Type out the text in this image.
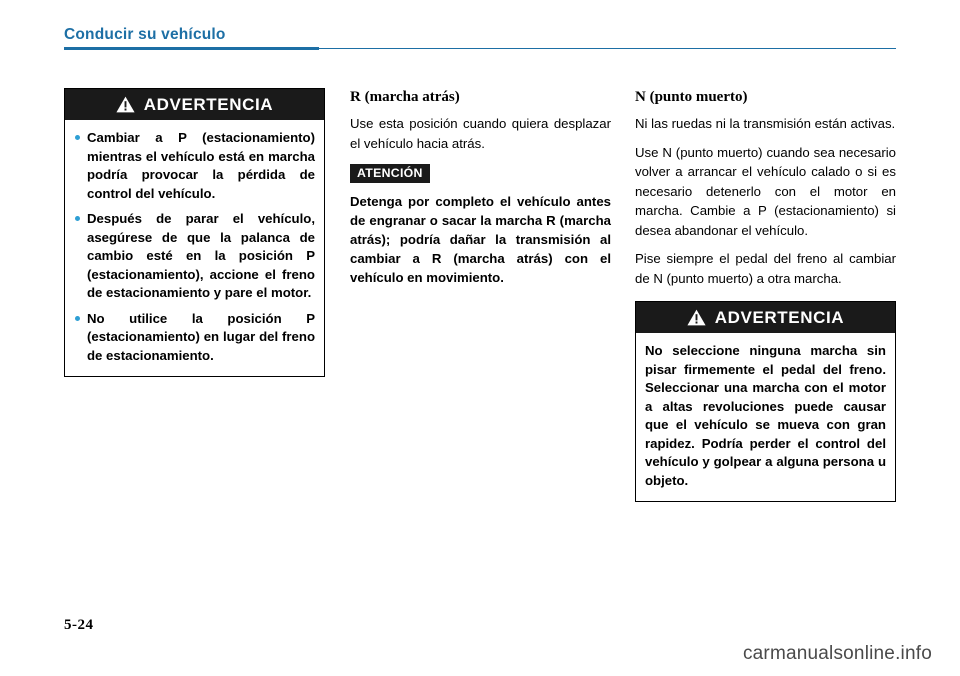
Conducir su vehículo
ADVERTENCIA
Cambiar a P (estacionamiento) mientras el vehículo está en marcha podría provocar la pérdida de control del vehículo.
Después de parar el vehículo, asegúrese de que la palanca de cambio esté en la posición P (estacionamiento), accione el freno de estacionamiento y pare el motor.
No utilice la posición P (estacionamiento) en lugar del freno de estacionamiento.
R (marcha atrás)

Use esta posición cuando quiera desplazar el vehículo hacia atrás.

ATENCIÓN

Detenga por completo el vehículo antes de engranar o sacar la marcha R (marcha atrás); podría dañar la transmisión al cambiar a R (marcha atrás) con el vehículo en movimiento.

N (punto muerto)

Ni las ruedas ni la transmisión están activas.

Use N (punto muerto) cuando sea necesario volver a arrancar el vehículo calado o si es necesario detenerlo con el motor en marcha. Cambie a P (estacionamiento) si desea abandonar el vehículo.

Pise siempre el pedal del freno al cambiar de N (punto muerto) a otra marcha.

ADVERTENCIA

No seleccione ninguna marcha sin pisar firmemente el pedal del freno. Seleccionar una marcha con el motor a altas revoluciones puede causar que el vehículo se mueva con gran rapidez. Podría perder el control del vehículo y golpear a alguna persona u objeto.

5-24
carmanualsonline.info
